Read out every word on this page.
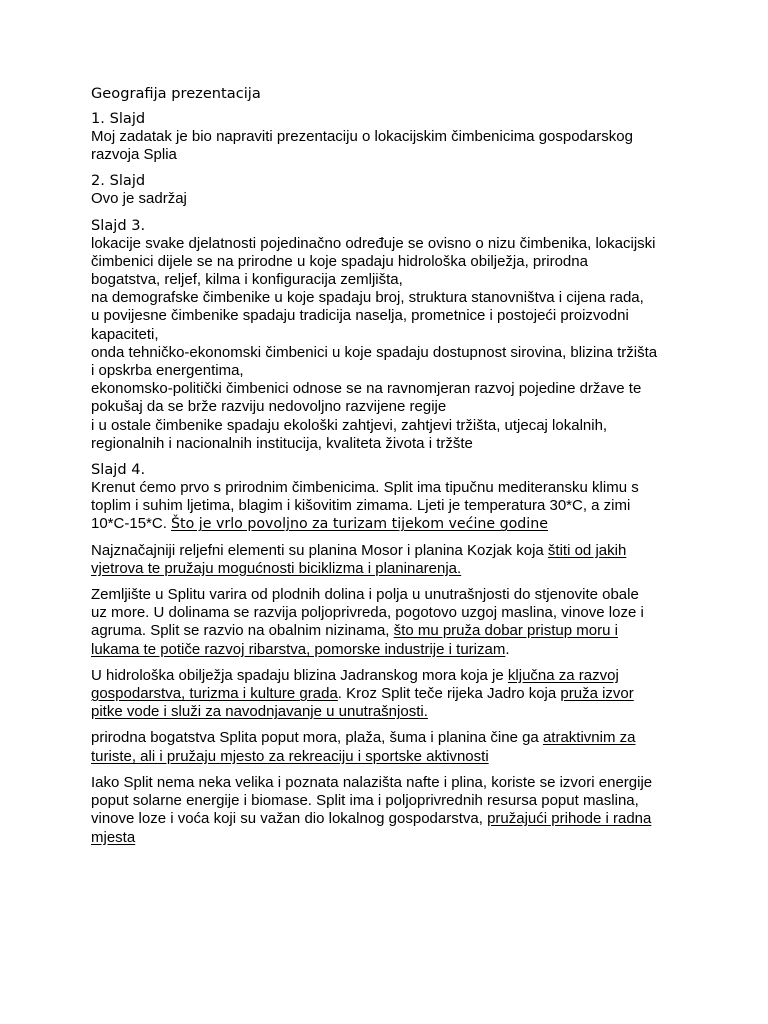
Geografija prezentacija
1. Slajd
Moj zadatak je bio napraviti prezentaciju o lokacijskim čimbenicima gospodarskog
razvoja Splia
2. Slajd
Ovo je sadržaj
Slajd 3.
lokacije svake djelatnosti pojedinačno određuje se ovisno o nizu čimbenika, lokacijski
čimbenici dijele se na prirodne u koje spadaju hidrološka obilježja, prirodna
bogatstva, reljef, kilma i konfiguracija zemljišta,
na demografske čimbenike u koje spadaju broj, struktura stanovništva i cijena rada,
u povijesne čimbenike spadaju tradicija naselja, prometnice i postojeći proizvodni
kapaciteti,
onda tehničko-ekonomski čimbenici u koje spadaju dostupnost sirovina, blizina tržišta
i opskrba energentima,
ekonomsko-politički čimbenici odnose se na ravnomjeran razvoj pojedine države te
pokušaj da se brže razviju nedovoljno razvijene regije
i u ostale čimbenike spadaju ekološki zahtjevi, zahtjevi tržišta, utjecaj lokalnih,
regionalnih i nacionalnih institucija, kvaliteta života i tržšte
Slajd 4.
Krenut ćemo prvo s prirodnim čimbenicima. Split ima tipučnu mediteransku klimu s
toplim i suhim ljetima, blagim i kišovitim zimama. Ljeti je temperatura 30*C, a zimi
10*C-15*C. Što je vrlo povoljno za turizam tijekom većine godine
Najznačajniji reljefni elementi su planina Mosor i planina Kozjak koja štiti od jakih
vjetrova te pružaju mogućnosti biciklizma i planinarenja.
Zemljište u Splitu varira od plodnih dolina i polja u unutrašnjosti do stjenovite obale
uz more. U dolinama se razvija poljoprivreda, pogotovo uzgoj maslina, vinove loze i
agruma. Split se razvio na obalnim nizinama, što mu pruža dobar pristup moru i
lukama te potiče razvoj ribarstva, pomorske industrije i turizam.
U hidrološka obilježja spadaju blizina Jadranskog mora koja je ključna za razvoj
gospodarstva, turizma i kulture grada. Kroz Split teče rijeka Jadro koja pruža izvor
pitke vode i služi za navodnjavanje u unutrašnjosti.
prirodna bogatstva Splita poput mora, plaža, šuma i planina čine ga atraktivnim za
turiste, ali i pružaju mjesto za rekreaciju i sportske aktivnosti
Iako Split nema neka velika i poznata nalazišta nafte i plina, koriste se izvori energije
poput solarne energije i biomase. Split ima i poljoprivrednih resursa poput maslina,
vinove loze i voća koji su važan dio lokalnog gospodarstva, pružajući prihode i radna
mjesta
